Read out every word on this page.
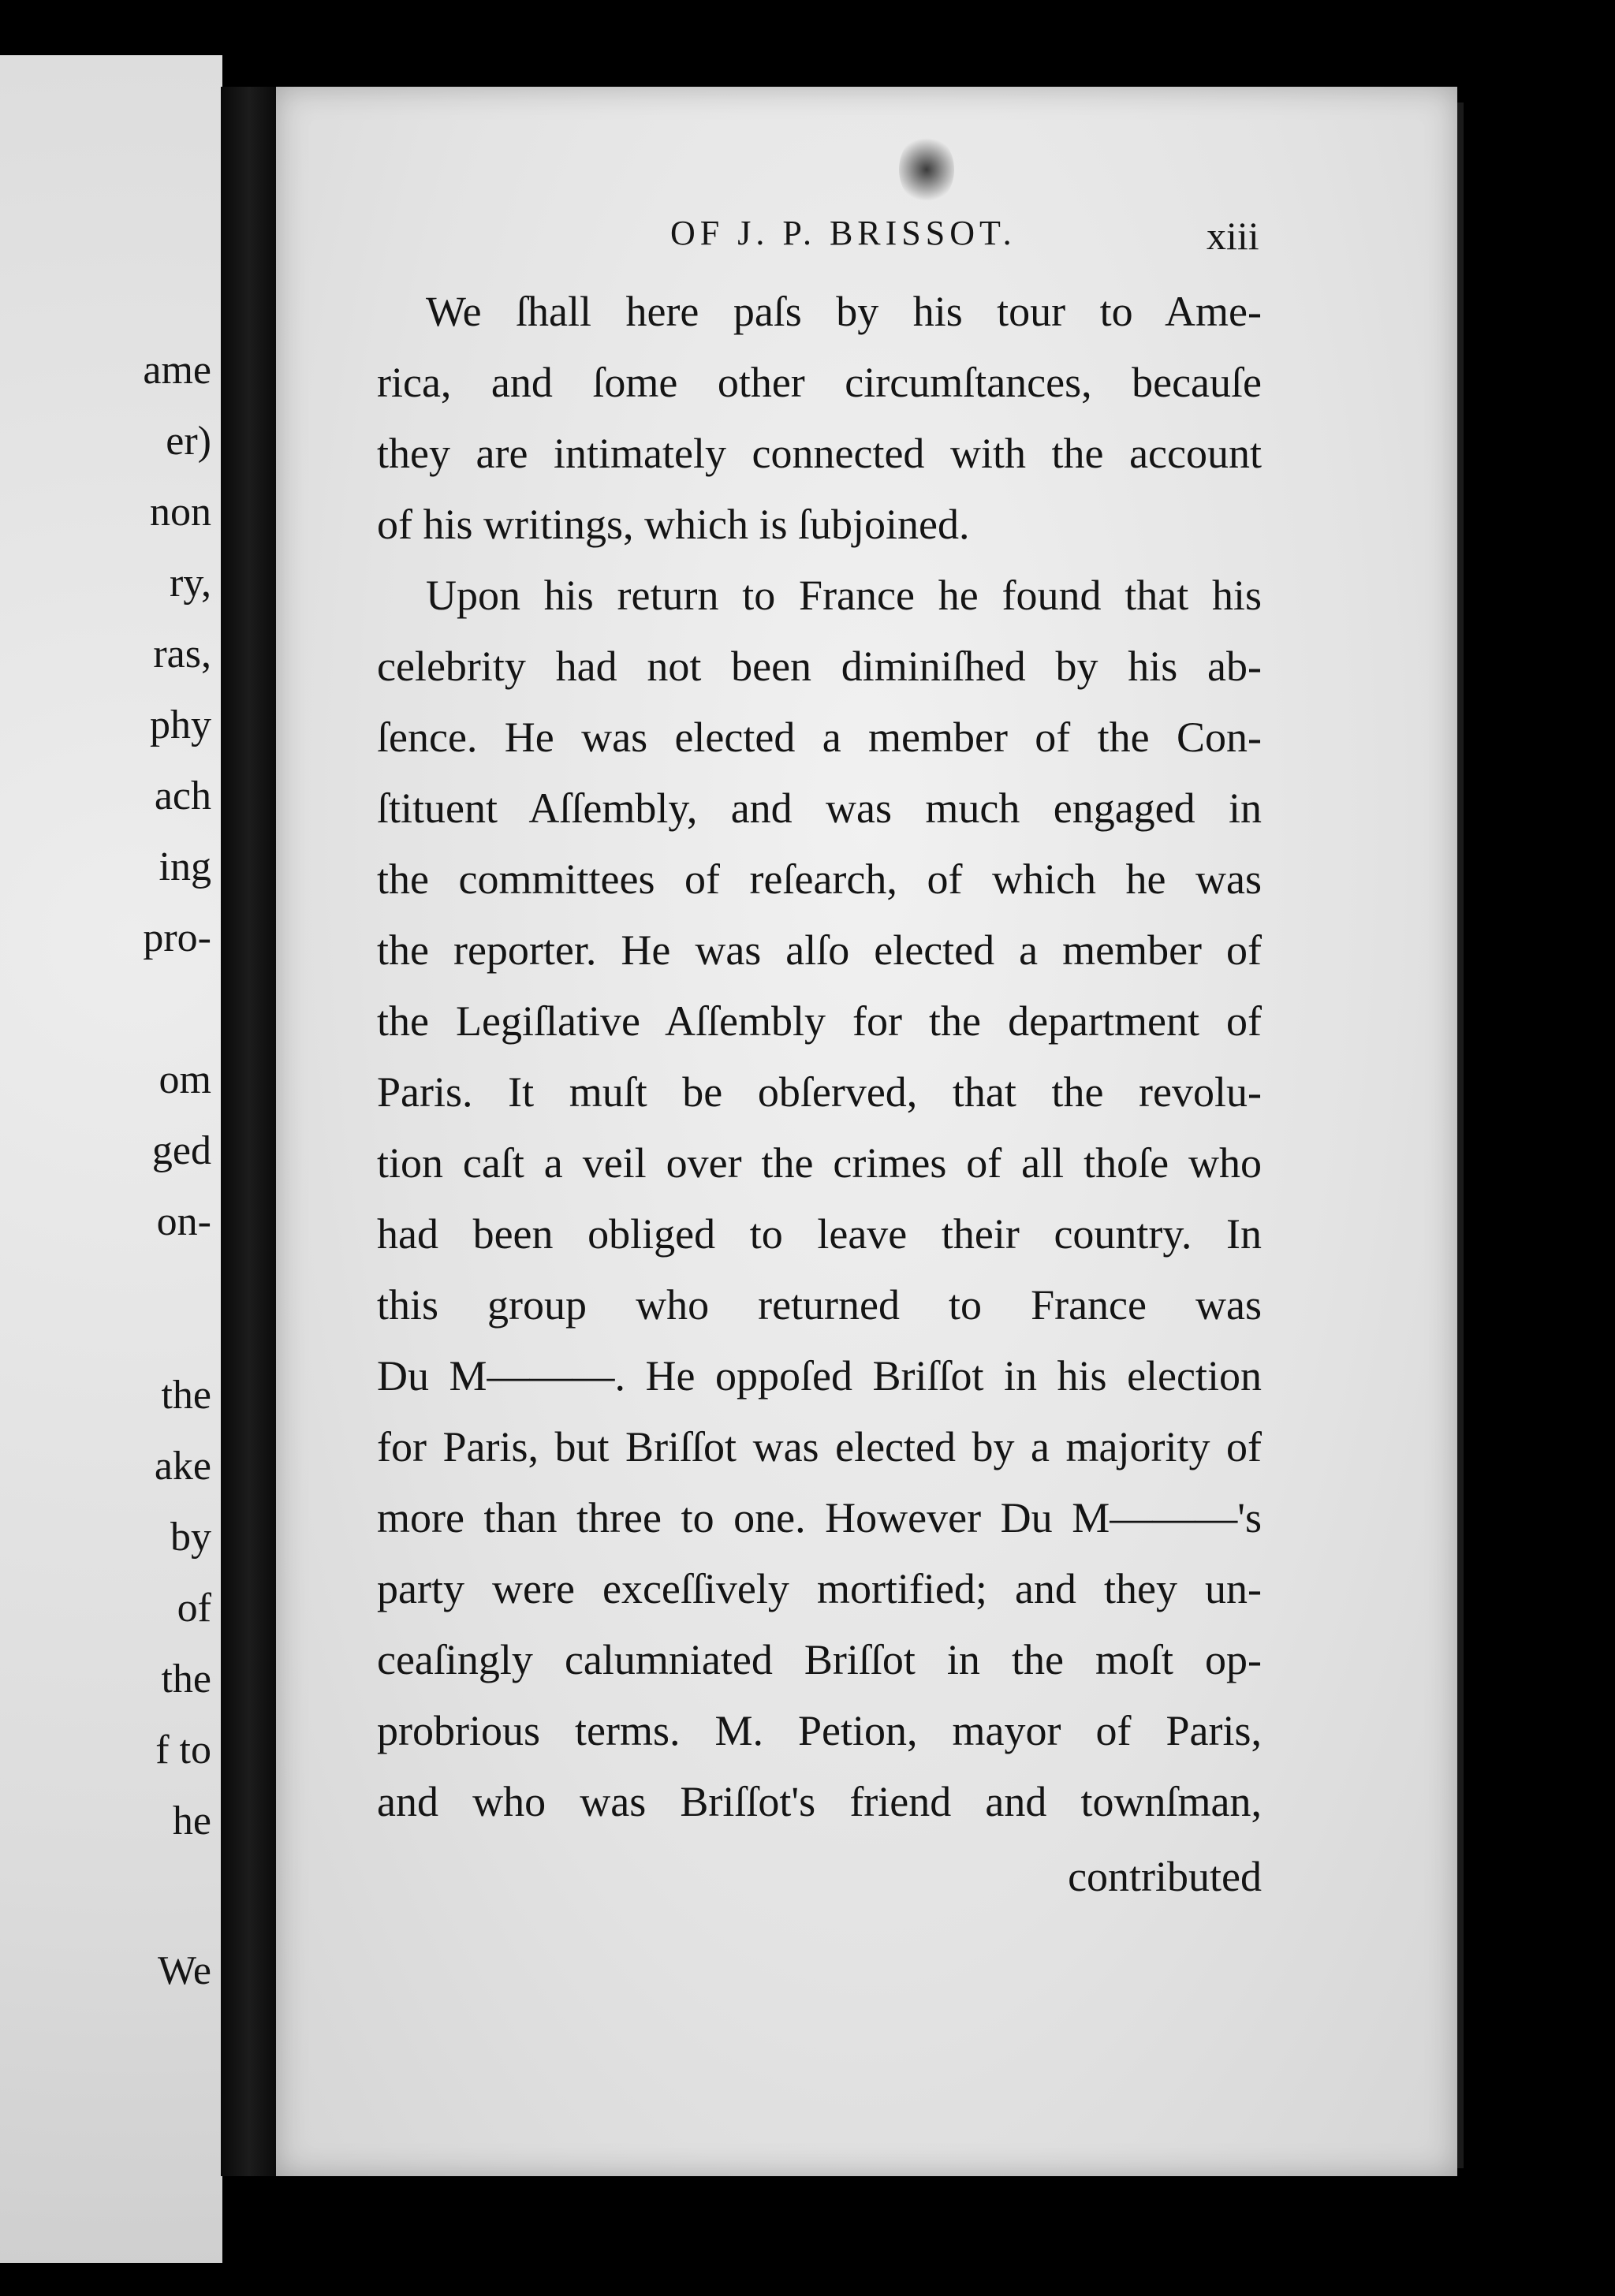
ame

er)

non

ry,

ras,

phy

ach

ing

pro-

om

ged

on-

the

ake

by

of

the

f to

he

We

OF J. P. BRISSOT.	xiii

We ſhall here paſs by his tour to Ame-

rica, and ſome other circumſtances, becauſe

they are intimately connected with the account

of his writings, which is ſubjoined.

Upon his return to France he found that his

celebrity had not been diminiſhed by his ab-

ſence. He was elected a member of the Con-

ſtituent Aſſembly, and was much engaged in

the committees of reſearch, of which he was

the reporter. He was alſo elected a member of

the Legiſlative Aſſembly for the department of

Paris. It muſt be obſerved, that the revolu-

tion caſt a veil over the crimes of all thoſe who

had been obliged to leave their country. In

this group who returned to France was

Du M———. He oppoſed Briſſot in his election

for Paris, but Briſſot was elected by a majority of

more than three to one. However Du M———'s

party were exceſſively mortified; and they un-

ceaſingly calumniated Briſſot in the moſt op-

probrious terms. M. Petion, mayor of Paris,

and who was Briſſot's friend and townſman,

contributed
